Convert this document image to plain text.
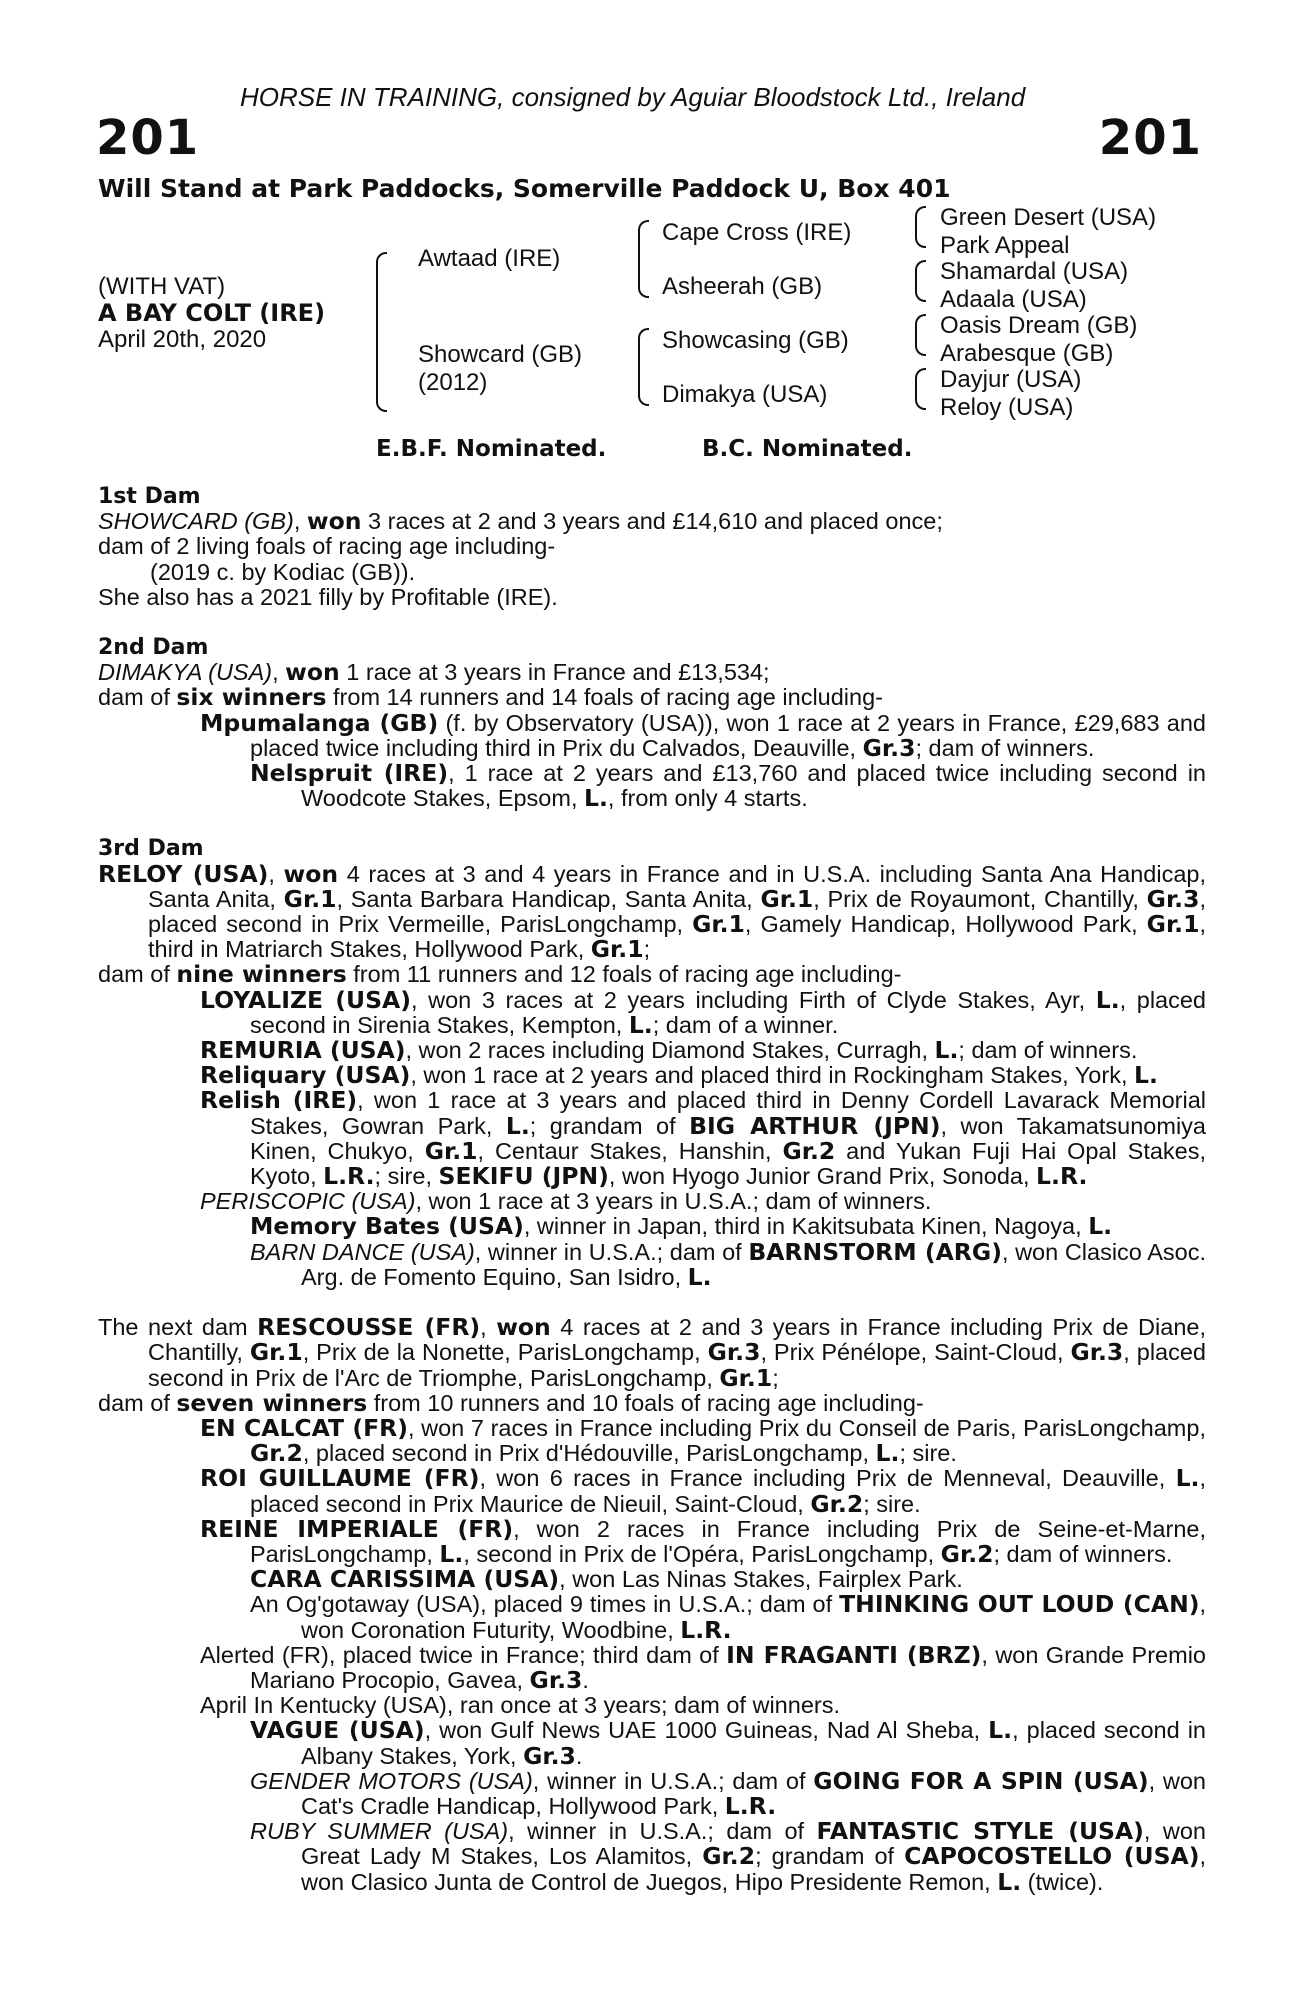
HORSE IN TRAINING, consigned by Aguiar Bloodstock Ltd., Ireland
201	201
Will Stand at Park Paddocks, Somerville Paddock U, Box 401
(WITH VAT)
A BAY COLT (IRE)
April 20th, 2020
Awtaad (IRE)
Showcard (GB)
(2012)
Cape Cross (IRE)
Asheerah (GB)
Showcasing (GB)
Dimakya (USA)
Green Desert (USA)
Park Appeal
Shamardal (USA)
Adaala (USA)
Oasis Dream (GB)
Arabesque (GB)
Dayjur (USA)
Reloy (USA)
E.B.F. Nominated.	B.C. Nominated.

1st Dam

SHOWCARD (GB), won 3 races at 2 and 3 years and £14,610 and placed once;

dam of 2 living foals of racing age including-

(2019 c. by Kodiac (GB)).

She also has a 2021 filly by Profitable (IRE).

2nd Dam

DIMAKYA (USA), won 1 race at 3 years in France and £13,534;

dam of six winners from 14 runners and 14 foals of racing age including-

Mpumalanga (GB) (f. by Observatory (USA)), won 1 race at 2 years in France, £29,683 and placed twice including third in Prix du Calvados, Deauville, Gr.3; dam of winners.

Nelspruit (IRE), 1 race at 2 years and £13,760 and placed twice including second in Woodcote Stakes, Epsom, L., from only 4 starts.

3rd Dam

RELOY (USA), won 4 races at 3 and 4 years in France and in U.S.A. including Santa Ana Handicap, Santa Anita, Gr.1, Santa Barbara Handicap, Santa Anita, Gr.1, Prix de Royaumont, Chantilly, Gr.3, placed second in Prix Vermeille, ParisLongchamp, Gr.1, Gamely Handicap, Hollywood Park, Gr.1, third in Matriarch Stakes, Hollywood Park, Gr.1;

dam of nine winners from 11 runners and 12 foals of racing age including-

LOYALIZE (USA), won 3 races at 2 years including Firth of Clyde Stakes, Ayr, L., placed second in Sirenia Stakes, Kempton, L.; dam of a winner.

REMURIA (USA), won 2 races including Diamond Stakes, Curragh, L.; dam of winners.

Reliquary (USA), won 1 race at 2 years and placed third in Rockingham Stakes, York, L.

Relish (IRE), won 1 race at 3 years and placed third in Denny Cordell Lavarack Memorial Stakes, Gowran Park, L.; grandam of BIG ARTHUR (JPN), won Takamatsunomiya Kinen, Chukyo, Gr.1, Centaur Stakes, Hanshin, Gr.2 and Yukan Fuji Hai Opal Stakes, Kyoto, L.R.; sire, SEKIFU (JPN), won Hyogo Junior Grand Prix, Sonoda, L.R.

PERISCOPIC (USA), won 1 race at 3 years in U.S.A.; dam of winners.

Memory Bates (USA), winner in Japan, third in Kakitsubata Kinen, Nagoya, L.

BARN DANCE (USA), winner in U.S.A.; dam of BARNSTORM (ARG), won Clasico Asoc. Arg. de Fomento Equino, San Isidro, L.

The next dam RESCOUSSE (FR), won 4 races at 2 and 3 years in France including Prix de Diane, Chantilly, Gr.1, Prix de la Nonette, ParisLongchamp, Gr.3, Prix Pénélope, Saint-Cloud, Gr.3, placed second in Prix de l'Arc de Triomphe, ParisLongchamp, Gr.1;

dam of seven winners from 10 runners and 10 foals of racing age including-

EN CALCAT (FR), won 7 races in France including Prix du Conseil de Paris, ParisLongchamp, Gr.2, placed second in Prix d'Hédouville, ParisLongchamp, L.; sire.

ROI GUILLAUME (FR), won 6 races in France including Prix de Menneval, Deauville, L., placed second in Prix Maurice de Nieuil, Saint-Cloud, Gr.2; sire.

REINE IMPERIALE (FR), won 2 races in France including Prix de Seine-et-Marne, ParisLongchamp, L., second in Prix de l'Opéra, ParisLongchamp, Gr.2; dam of winners.

CARA CARISSIMA (USA), won Las Ninas Stakes, Fairplex Park.

An Og'gotaway (USA), placed 9 times in U.S.A.; dam of THINKING OUT LOUD (CAN), won Coronation Futurity, Woodbine, L.R.

Alerted (FR), placed twice in France; third dam of IN FRAGANTI (BRZ), won Grande Premio Mariano Procopio, Gavea, Gr.3.

April In Kentucky (USA), ran once at 3 years; dam of winners.

VAGUE (USA), won Gulf News UAE 1000 Guineas, Nad Al Sheba, L., placed second in Albany Stakes, York, Gr.3.

GENDER MOTORS (USA), winner in U.S.A.; dam of GOING FOR A SPIN (USA), won Cat's Cradle Handicap, Hollywood Park, L.R.

RUBY SUMMER (USA), winner in U.S.A.; dam of FANTASTIC STYLE (USA), won Great Lady M Stakes, Los Alamitos, Gr.2; grandam of CAPOCOSTELLO (USA), won Clasico Junta de Control de Juegos, Hipo Presidente Remon, L. (twice).
